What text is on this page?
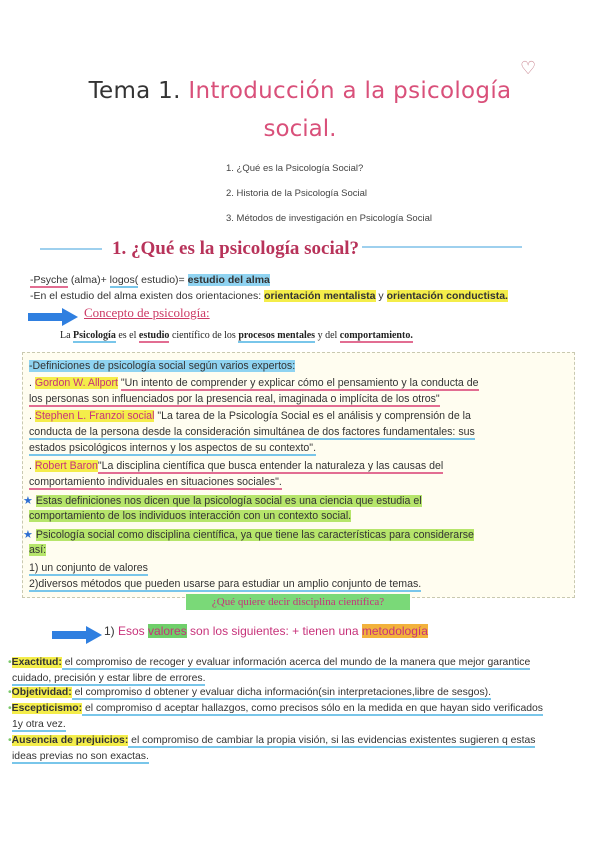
♡
Tema 1. Introducción a la psicología
social.
1. ¿Qué es la Psicología Social?
2. Historia de la Psicología Social
3. Métodos de investigación en Psicología Social
1. ¿Qué es la psicología social?
-Psyche (alma)+ logos( estudio)= estudio del alma
-En el estudio del alma existen dos orientaciones: orientación mentalista y orientación conductista.
Concepto de psicología:
La Psicología es el estudio científico de los procesos mentales y del comportamiento.
-Definiciones de psicología social según varios expertos:
. Gordon W. Allport "Un intento de comprender y explicar cómo el pensamiento y la conducta de
los personas son influenciados por la presencia real, imaginada o implícita de los otros"
. Stephen L. Franzoi social "La tarea de la Psicología Social es el análisis y comprensión de la
conducta de la persona desde la consideración simultánea de dos factores fundamentales: sus
estados psicológicos internos y los aspectos de su contexto".
. Robert Baron"La disciplina científica que busca entender la naturaleza y las causas del
comportamiento individuales en situaciones sociales".
★ Estas definiciones nos dicen que la psicología social es una ciencia que estudia el
comportamiento de los individuos interacción con un contexto social.
★ Psicología social como disciplina científica, ya que tiene las características para considerarse
así:
1) un conjunto de valores
2)diversos métodos que pueden usarse para estudiar un amplio conjunto de temas.
¿Qué quiere decir disciplina científica?
1) Esos valores son los siguientes: + tienen una metodología
•Exactitud: el compromiso de recoger y evaluar información acerca del mundo de la manera que mejor garantice
cuidado, precisión y estar libre de errores.
•Objetividad: el compromiso d obtener y evaluar dicha información(sin interpretaciones,libre de sesgos).
•Escepticismo: el compromiso d aceptar hallazgos, como precisos sólo en la medida en que hayan sido verificados
1y otra vez.
•Ausencia de prejuicios: el compromiso de cambiar la propia visión, si las evidencias existentes sugieren q estas
ideas previas no son exactas.
